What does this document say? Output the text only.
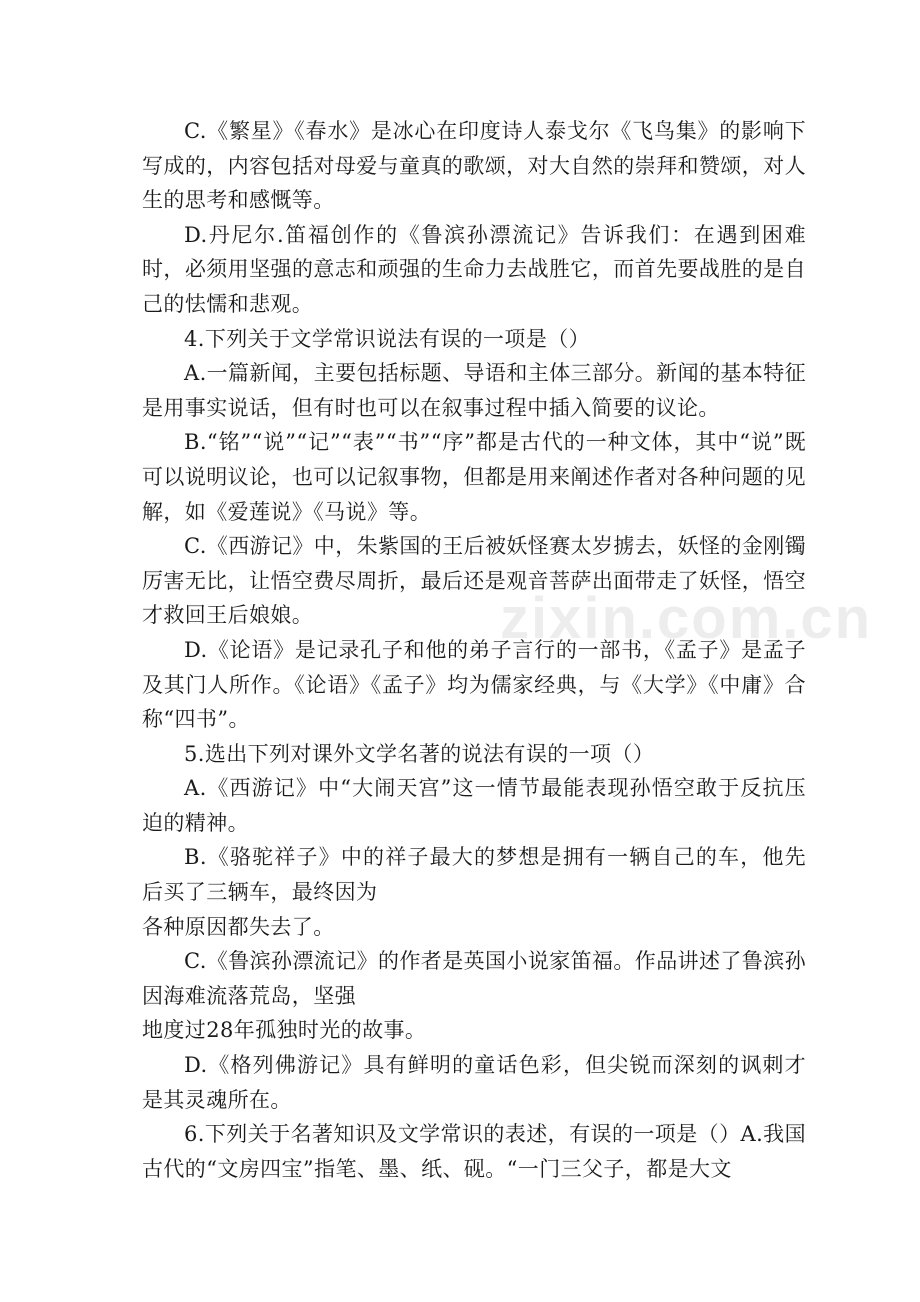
zixin.com.cn

C.《繁星》《春水》是冰心在印度诗人泰戈尔《飞鸟集》的影响下写成的，内容包括对母爱与童真的歌颂，对大自然的崇拜和赞颂，对人生的思考和感慨等。

D.丹尼尔.笛福创作的《鲁滨孙漂流记》告诉我们：在遇到困难时，必须用坚强的意志和顽强的生命力去战胜它，而首先要战胜的是自己的怯懦和悲观。

4.下列关于文学常识说法有误的一项是（）

A.一篇新闻，主要包括标题、导语和主体三部分。新闻的基本特征是用事实说话，但有时也可以在叙事过程中插入简要的议论。

B.“铭”“说”“记”“表”“书”“序”都是古代的一种文体，其中“说”既可以说明议论，也可以记叙事物，但都是用来阐述作者对各种问题的见解，如《爱莲说》《马说》等。

C.《西游记》中，朱紫国的王后被妖怪赛太岁掳去，妖怪的金刚镯厉害无比，让悟空费尽周折，最后还是观音菩萨出面带走了妖怪，悟空才救回王后娘娘。

D.《论语》是记录孔子和他的弟子言行的一部书，《孟子》是孟子及其门人所作。《论语》《孟子》均为儒家经典，与《大学》《中庸》合称“四书”。

5.选出下列对课外文学名著的说法有误的一项（）

A.《西游记》中“大闹天宫”这一情节最能表现孙悟空敢于反抗压迫的精神。

B.《骆驼祥子》中的祥子最大的梦想是拥有一辆自己的车，他先后买了三辆车，最终因为

各种原因都失去了。

C.《鲁滨孙漂流记》的作者是英国小说家笛福。作品讲述了鲁滨孙因海难流落荒岛，坚强

地度过28年孤独时光的故事。

D.《格列佛游记》具有鲜明的童话色彩，但尖锐而深刻的讽刺才是其灵魂所在。

6.下列关于名著知识及文学常识的表述，有误的一项是（）A.我国古代的“文房四宝”指笔、墨、纸、砚。“一门三父子，都是大文
